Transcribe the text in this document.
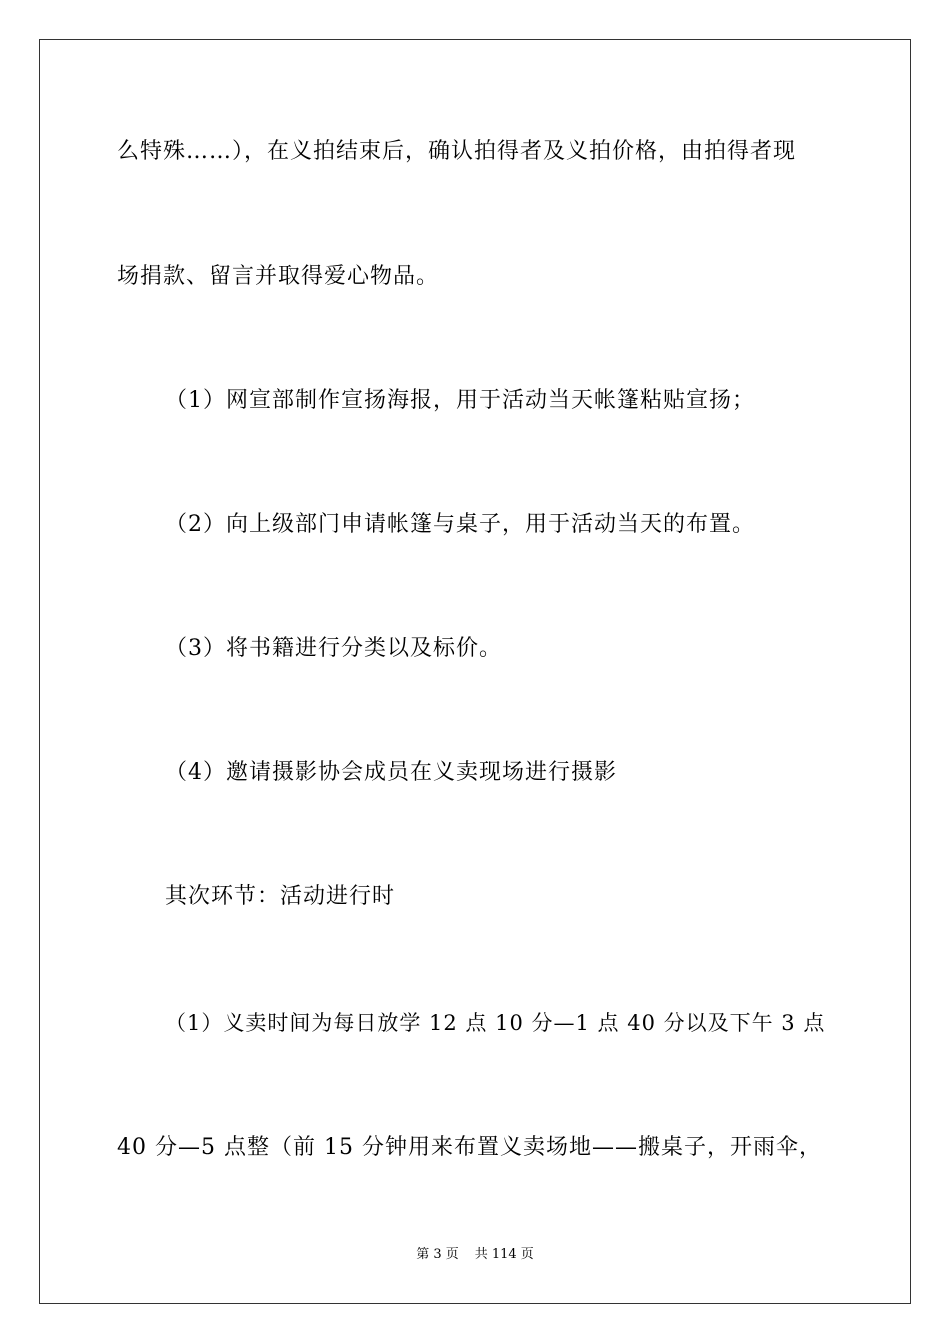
么特殊……），在义拍结束后，确认拍得者及义拍价格，由拍得者现
场捐款、留言并取得爱心物品。
（1）网宣部制作宣扬海报，用于活动当天帐篷粘贴宣扬；
（2）向上级部门申请帐篷与桌子，用于活动当天的布置。
（3）将书籍进行分类以及标价。
（4）邀请摄影协会成员在义卖现场进行摄影
其次环节：活动进行时
（1）义卖时间为每日放学 12 点 10 分—1 点 40 分以及下午 3 点
40 分—5 点整（前 15 分钟用来布置义卖场地——搬桌子，开雨伞，
第 3 页 共 114 页
